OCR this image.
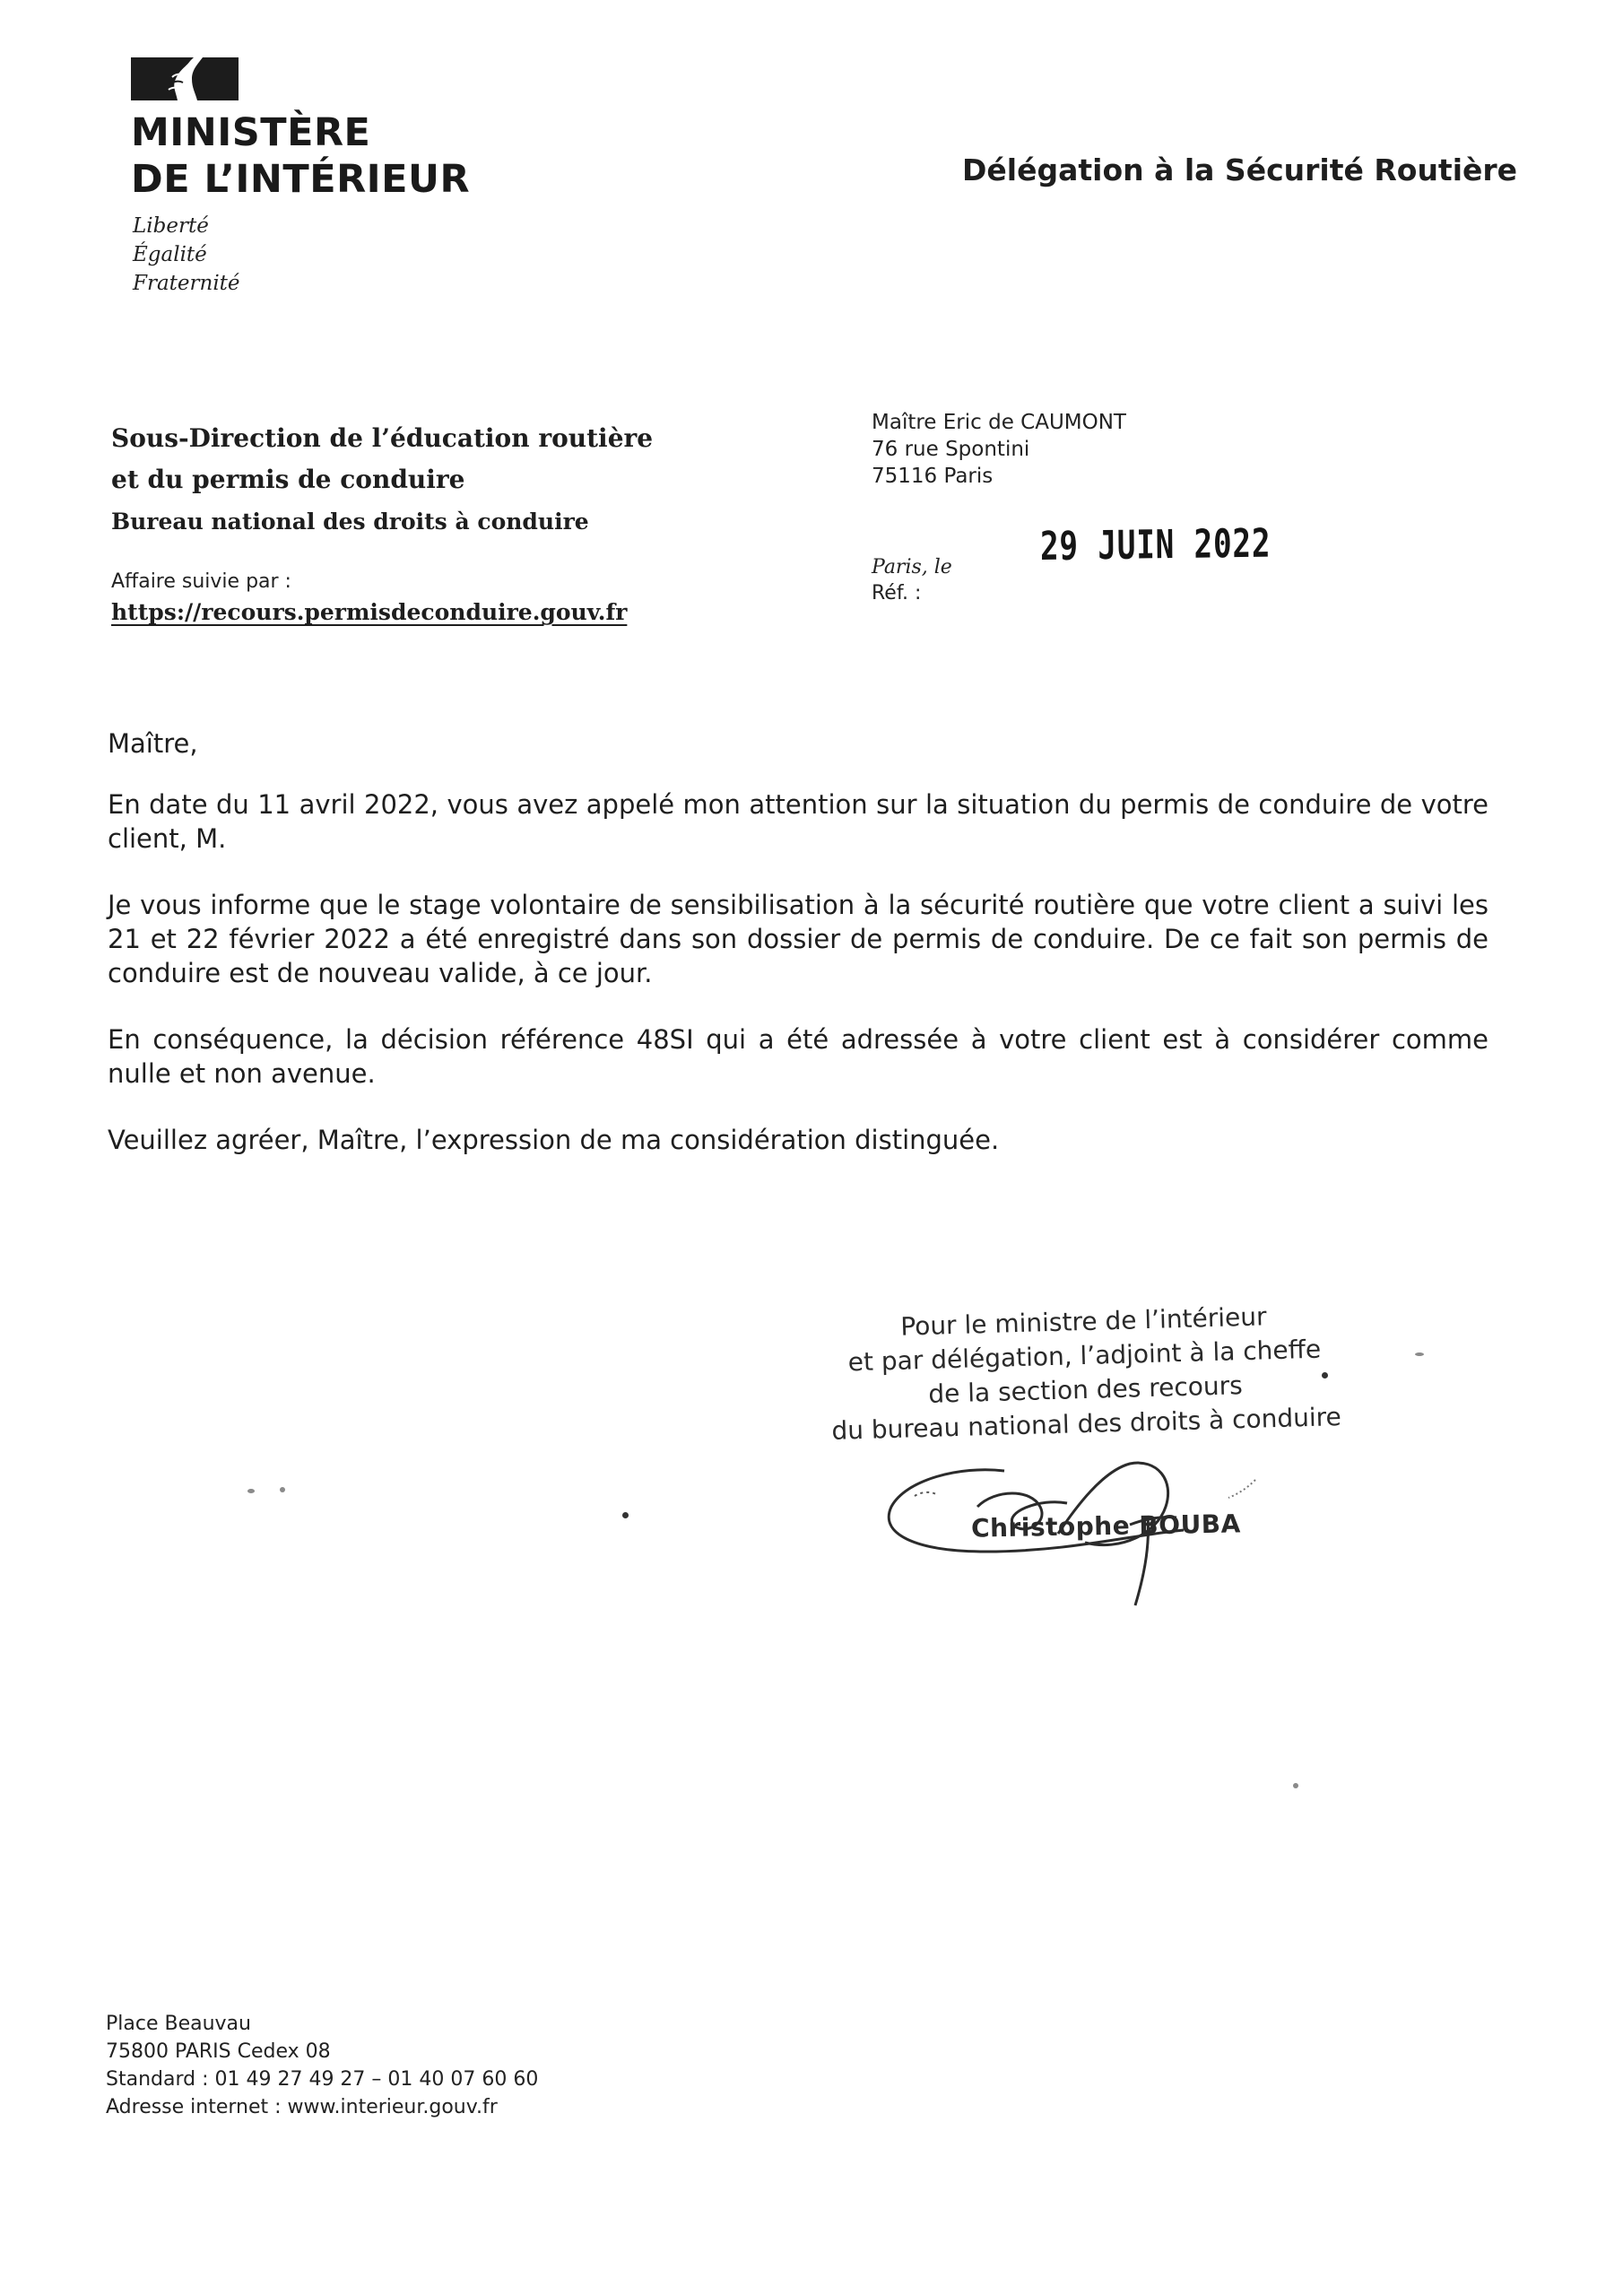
MINISTÈRE
DE L’INTÉRIEUR
Liberté
Égalité
Fraternité
Délégation à la Sécurité Routière
Sous-Direction de l’éducation routière
et du permis de conduire
Bureau national des droits à conduire
Affaire suivie par :
https://recours.permisdeconduire.gouv.fr
Maître Eric de CAUMONT
76 rue Spontini
75116 Paris
29 JUIN 2022
Paris, le
Réf. :

Maître,

En date du 11 avril 2022, vous avez appelé mon attention sur la situation du permis de conduire de votre client, M.

Je vous informe que le stage volontaire de sensibilisation à la sécurité routière que votre client a suivi les 21 et 22 février 2022 a été enregistré dans son dossier de permis de conduire. De ce fait son permis de conduire est de nouveau valide, à ce jour.

En conséquence, la décision référence 48SI qui a été adressée à votre client est à considérer comme nulle et non avenue.

Veuillez agréer, Maître, l’expression de ma considération distinguée.

Pour le ministre de l’intérieur
et par délégation, l’adjoint à la cheffe
de la section des recours
du bureau national des droits à conduire
Christophe BOUBA
Place Beauvau
75800 PARIS Cedex 08
Standard : 01 49 27 49 27 – 01 40 07 60 60
Adresse internet : www.interieur.gouv.fr
